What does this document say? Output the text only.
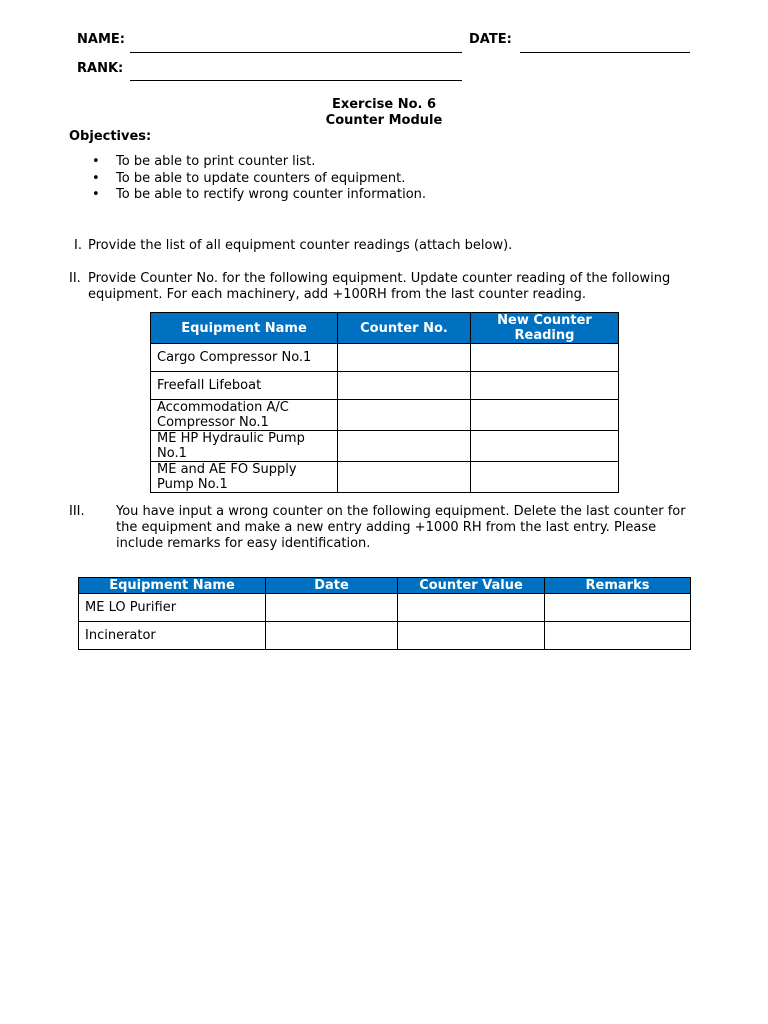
NAME:	DATE:
RANK:
Exercise No. 6
Counter Module
Objectives:
• To be able to print counter list.
• To be able to update counters of equipment.
• To be able to rectify wrong counter information.
I. Provide the list of all equipment counter readings (attach below).
II. Provide Counter No. for the following equipment. Update counter reading of the following
equipment. For each machinery, add +100RH from the last counter reading.
Equipment Name	Counter No.	New Counter Reading
Cargo Compressor No.1		
Freefall Lifeboat		
Accommodation A/C Compressor No.1		
ME HP Hydraulic Pump No.1		
ME and AE FO Supply Pump No.1		
III. You have input a wrong counter on the following equipment. Delete the last counter for
the equipment and make a new entry adding +1000 RH from the last entry. Please
include remarks for easy identification.
Equipment Name	Date	Counter Value	Remarks
ME LO Purifier			
Incinerator			
